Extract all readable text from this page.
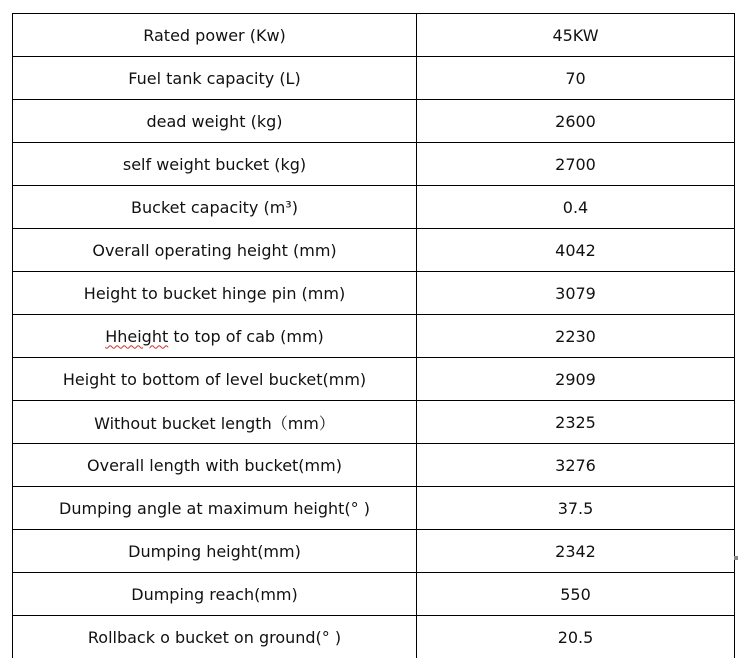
Rated power (Kw)	45KW
Fuel tank capacity (L)	70
dead weight (kg)	2600
self weight bucket (kg)	2700
Bucket capacity (m³)	0.4
Overall operating height (mm)	4042
Height to bucket hinge pin (mm)	3079
Hheight to top of cab (mm)	2230
Height to bottom of level bucket(mm)	2909
Without bucket length（mm）	2325
Overall length with bucket(mm)	3276
Dumping angle at maximum height(° )	37.5
Dumping height(mm)	2342
Dumping reach(mm)	550
Rollback o bucket on ground(° )	20.5
